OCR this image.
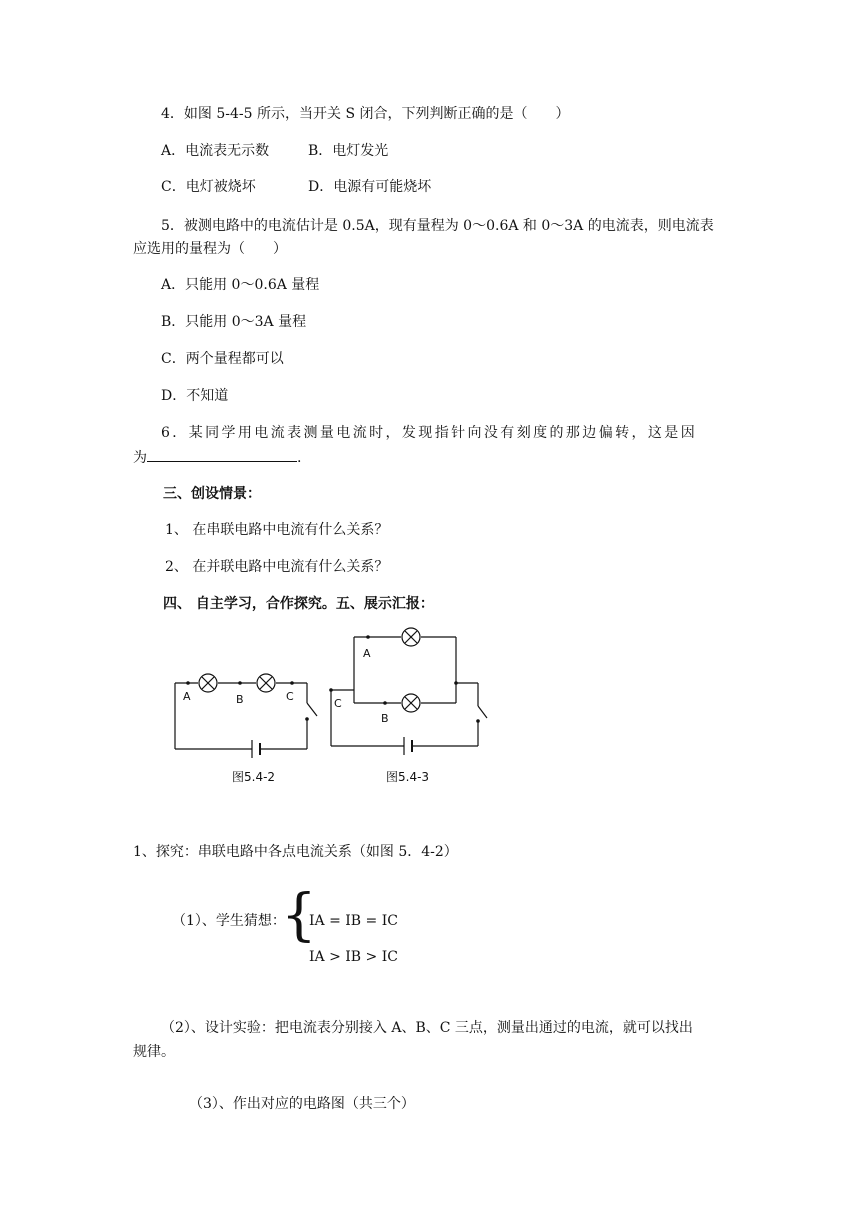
4．如图 5-4-5 所示，当开关 S 闭合，下列判断正确的是（　　）
A．电流表无示数	B．电灯发光
C．电灯被烧坏	D．电源有可能烧坏
5．被测电路中的电流估计是 0.5A，现有量程为 0～0.6A 和 0～3A 的电流表，则电流表
应选用的量程为（　　）
A．只能用 0～0.6A 量程
B．只能用 0～3A 量程
C．两个量程都可以
D．不知道
6．某同学用电流表测量电流时，发现指针向没有刻度的那边偏转，这是因
为	.
三、创设情景：
1、 在串联电路中电流有什么关系？
2、 在并联电路中电流有什么关系？
四、 自主学习，合作探究。五、展示汇报：
A	B	C
图5.4-2
A
B
C
图5.4-3
1、探究：串联电路中各点电流关系（如图 5．4-2）
（1）、学生猜想：
{
IA = IB = IC
IA > IB > IC
（2）、设计实验：把电流表分别接入 A、B、C 三点，测量出通过的电流，就可以找出
规律。
（3）、作出对应的电路图（共三个）
